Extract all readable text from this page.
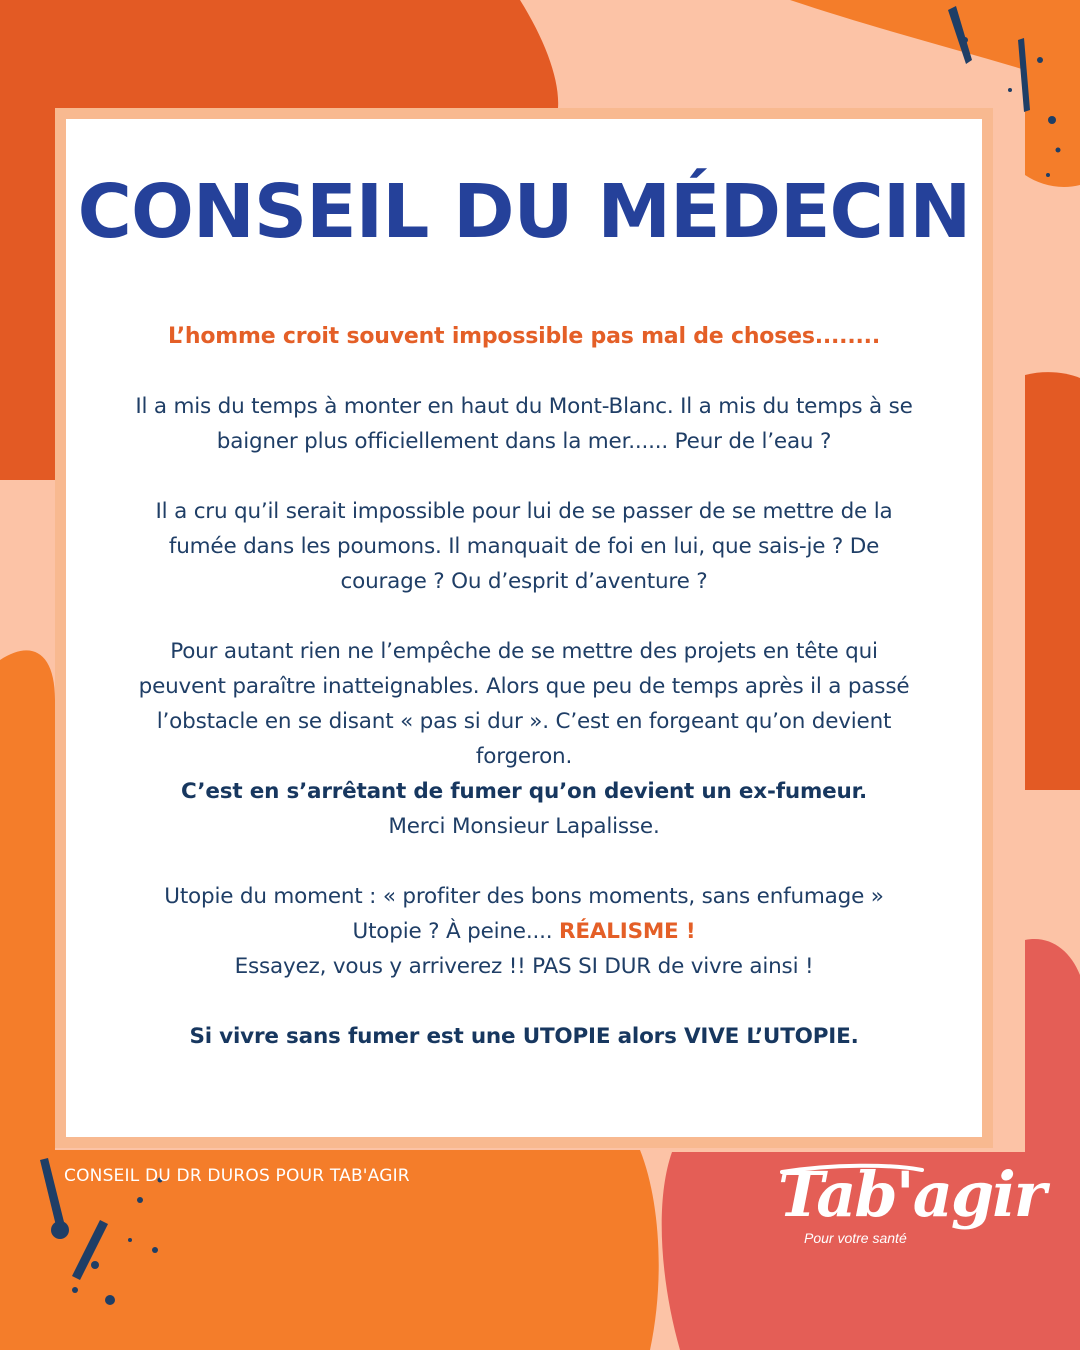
CONSEIL DU MÉDECIN

L’homme croit souvent impossible pas mal de choses........

Il a mis du temps à monter en haut du Mont-Blanc. Il a mis du temps à se

baigner plus officiellement dans la mer...... Peur de l’eau ?

Il a cru qu’il serait impossible pour lui de se passer de se mettre de la

fumée dans les poumons. Il manquait de foi en lui, que sais-je ? De

courage ? Ou d’esprit d’aventure ?

Pour autant rien ne l’empêche de se mettre des projets en tête qui

peuvent paraître inatteignables. Alors que peu de temps après il a passé

l’obstacle en se disant « pas si dur ». C’est en forgeant qu’on devient

forgeron.

C’est en s’arrêtant de fumer qu’on devient un ex-fumeur.

Merci Monsieur Lapalisse.

Utopie du moment : « profiter des bons moments, sans enfumage »

Utopie ? À peine.... RÉALISME !

Essayez, vous y arriverez !! PAS SI DUR de vivre ainsi !

Si vivre sans fumer est une UTOPIE alors VIVE L’UTOPIE.

CONSEIL DU DR DUROS POUR TAB'AGIR	Tab'agir
Pour votre santé
